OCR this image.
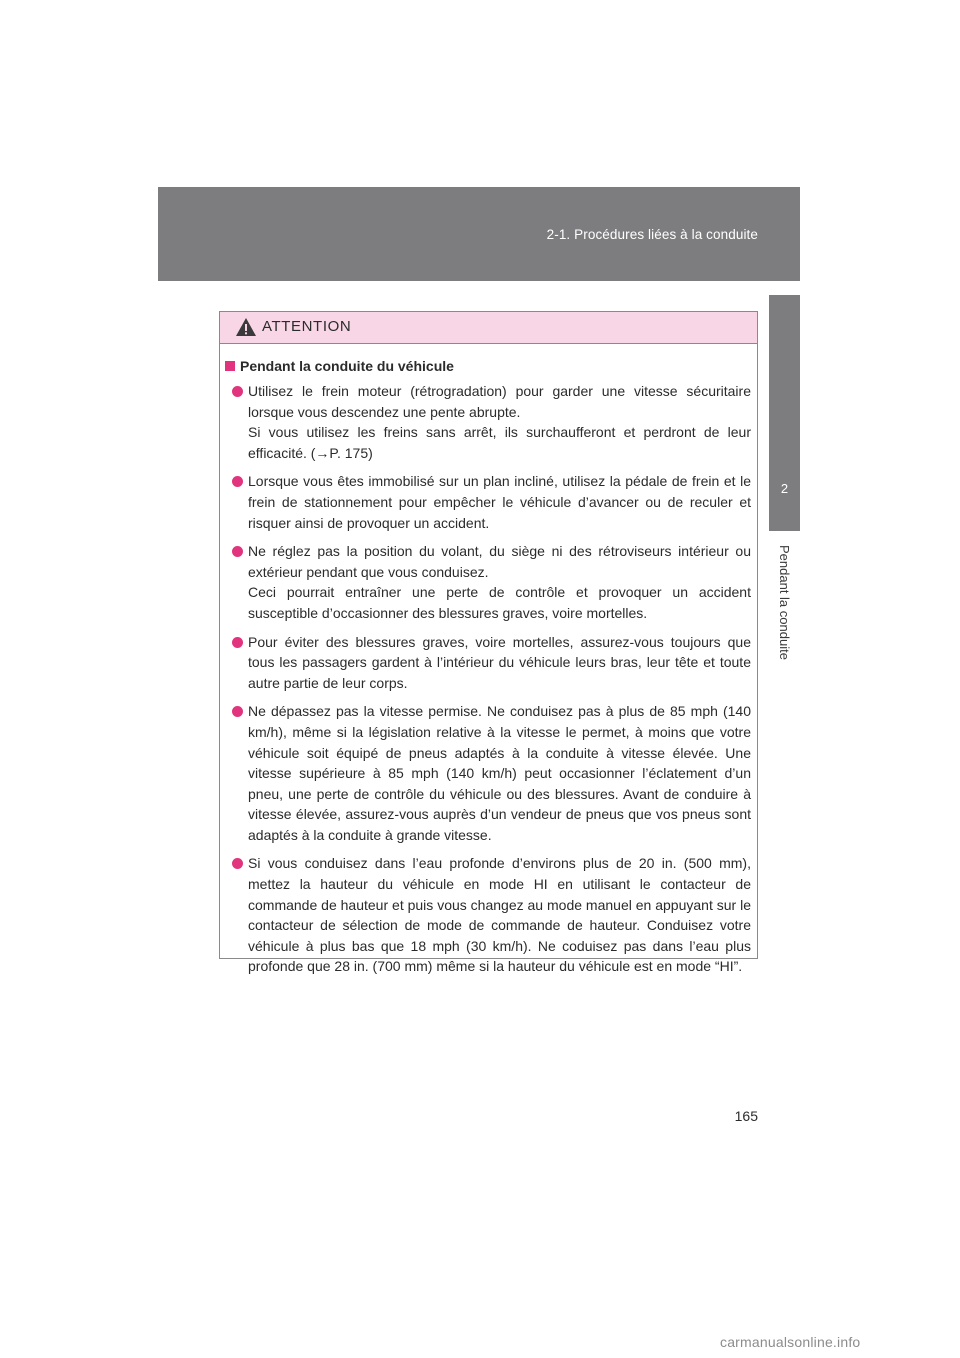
2-1. Procédures liées à la conduite
2
Pendant la conduite
ATTENTION
Pendant la conduite du véhicule

Utilisez le frein moteur (rétrogradation) pour garder une vitesse sécuritaire lorsque vous descendez une pente abrupte.

Si vous utilisez les freins sans arrêt, ils surchaufferont et perdront de leur efficacité. (→P. 175)

Lorsque vous êtes immobilisé sur un plan incliné, utilisez la pédale de frein et le frein de stationnement pour empêcher le véhicule d’avancer ou de reculer et risquer ainsi de provoquer un accident.

Ne réglez pas la position du volant, du siège ni des rétroviseurs intérieur ou extérieur pendant que vous conduisez.

Ceci pourrait entraîner une perte de contrôle et provoquer un accident susceptible d’occasionner des blessures graves, voire mortelles.

Pour éviter des blessures graves, voire mortelles, assurez-vous toujours que tous les passagers gardent à l’intérieur du véhicule leurs bras, leur tête et toute autre partie de leur corps.

Ne dépassez pas la vitesse permise. Ne conduisez pas à plus de 85 mph (140 km/h), même si la législation relative à la vitesse le permet, à moins que votre véhicule soit équipé de pneus adaptés à la conduite à vitesse élevée. Une vitesse supérieure à 85 mph (140 km/h) peut occasionner l’éclatement d’un pneu, une perte de contrôle du véhicule ou des blessures. Avant de conduire à vitesse élevée, assurez-vous auprès d’un vendeur de pneus que vos pneus sont adaptés à la conduite à grande vitesse.

Si vous conduisez dans l’eau profonde d’environs plus de 20 in. (500 mm), mettez la hauteur du véhicule en mode HI en utilisant le contacteur de commande de hauteur et puis vous changez au mode manuel en appuyant sur le contacteur de sélection de mode de commande de hauteur. Conduisez votre véhicule à plus bas que 18 mph (30 km/h). Ne coduisez pas dans l’eau plus profonde que 28 in. (700 mm) même si la hauteur du véhicule est en mode “HI”.

165
carmanualsonline.info
